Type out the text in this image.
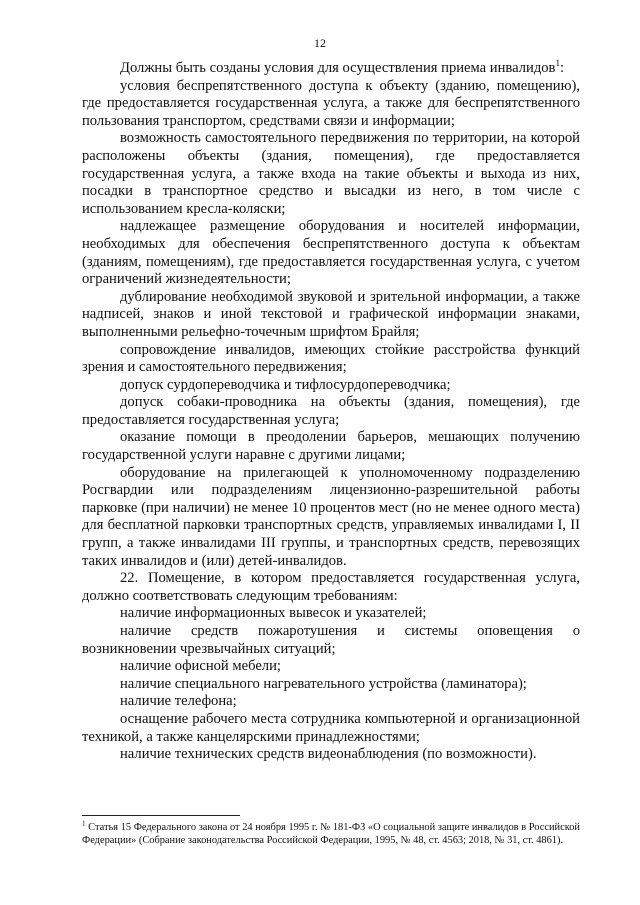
12

Должны быть созданы условия для осуществления приема инвалидов$^1$:

условия беспрепятственного доступа к объекту (зданию, помещению), где предоставляется государственная услуга, а также для беспрепятственного пользования транспортом, средствами связи и информации;

возможность самостоятельного передвижения по территории, на которой расположены объекты (здания, помещения), где предоставляется государственная услуга, а также входа на такие объекты и выхода из них, посадки в транспортное средство и высадки из него, в том числе с использованием кресла-коляски;

надлежащее размещение оборудования и носителей информации, необходимых для обеспечения беспрепятственного доступа к объектам (зданиям, помещениям), где предоставляется государственная услуга, с учетом ограничений жизнедеятельности;

дублирование необходимой звуковой и зрительной информации, а также надписей, знаков и иной текстовой и графической информации знаками, выполненными рельефно-точечным шрифтом Брайля;

сопровождение инвалидов, имеющих стойкие расстройства функций зрения и самостоятельного передвижения;

допуск сурдопереводчика и тифлосурдопереводчика;

допуск собаки-проводника на объекты (здания, помещения), где предоставляется государственная услуга;

оказание помощи в преодолении барьеров, мешающих получению государственной услуги наравне с другими лицами;

оборудование на прилегающей к уполномоченному подразделению Росгвардии или подразделениям лицензионно-разрешительной работы парковке (при наличии) не менее 10 процентов мест (но не менее одного места) для бесплатной парковки транспортных средств, управляемых инвалидами I, II групп, а также инвалидами III группы, и транспортных средств, перевозящих таких инвалидов и (или) детей-инвалидов.

22. Помещение, в котором предоставляется государственная услуга, должно соответствовать следующим требованиям:

наличие информационных вывесок и указателей;

наличие средств пожаротушения и системы оповещения о возникновении чрезвычайных ситуаций;

наличие офисной мебели;

наличие специального нагревательного устройства (ламинатора);

наличие телефона;

оснащение рабочего места сотрудника компьютерной и организационной техникой, а также канцелярскими принадлежностями;

наличие технических средств видеонаблюдения (по возможности).

$^1$ Статья 15 Федерального закона от 24 ноября 1995 г. № 181-ФЗ «О социальной защите инвалидов в Российской Федерации» (Собрание законодательства Российской Федерации, 1995, № 48, ст. 4563; 2018, № 31, ст. 4861).
